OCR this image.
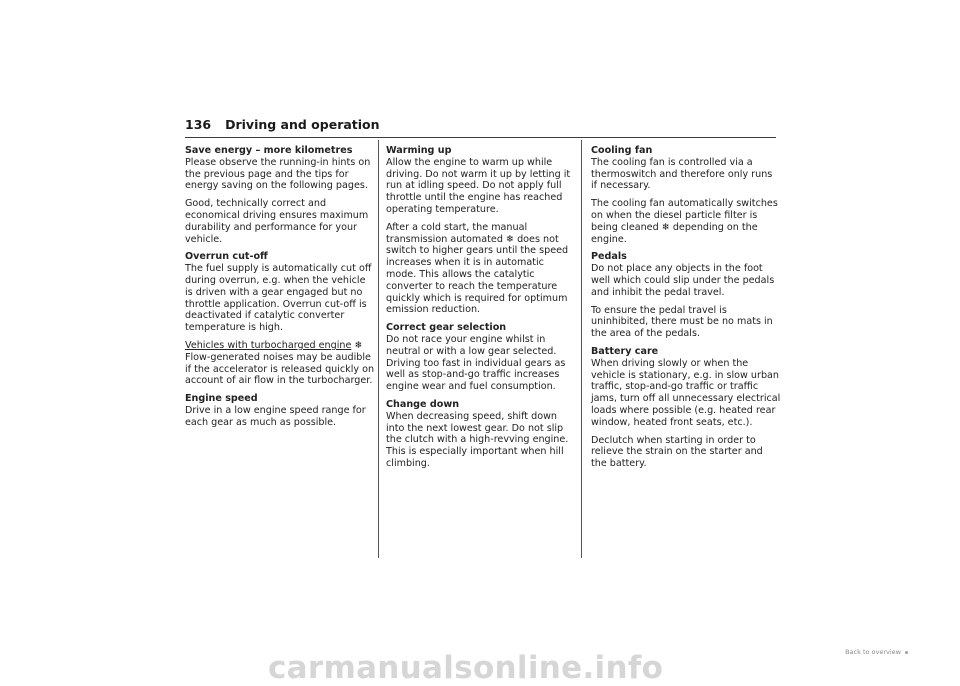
136 Driving and operation
Save energy – more kilometres
Please observe the running-in hints on the previous page and the tips for energy saving on the following pages.
Good, technically correct and economical driving ensures maximum durability and performance for your vehicle.
Overrun cut-off
The fuel supply is automatically cut off during overrun, e.g. when the vehicle is driven with a gear engaged but no throttle application. Overrun cut-off is deactivated if catalytic converter temperature is high.
Vehicles with turbocharged engine ❄
Flow-generated noises may be audible if the accelerator is released quickly on account of air flow in the turbocharger.
Engine speed
Drive in a low engine speed range for each gear as much as possible.
Warming up
Allow the engine to warm up while driving. Do not warm it up by letting it run at idling speed. Do not apply full throttle until the engine has reached operating temperature.
After a cold start, the manual transmission automated ❄ does not switch to higher gears until the speed increases when it is in automatic mode. This allows the catalytic converter to reach the temperature quickly which is required for optimum emission reduction.
Correct gear selection
Do not race your engine whilst in neutral or with a low gear selected. Driving too fast in individual gears as well as stop-and-go traffic increases engine wear and fuel consumption.
Change down
When decreasing speed, shift down into the next lowest gear. Do not slip the clutch with a high-revving engine. This is especially important when hill climbing.
Cooling fan
The cooling fan is controlled via a thermoswitch and therefore only runs if necessary.
The cooling fan automatically switches on when the diesel particle filter is being cleaned ❄ depending on the engine.
Pedals
Do not place any objects in the foot well which could slip under the pedals and inhibit the pedal travel.
To ensure the pedal travel is uninhibited, there must be no mats in the area of the pedals.
Battery care
When driving slowly or when the vehicle is stationary, e.g. in slow urban traffic, stop-and-go traffic or traffic jams, turn off all unnecessary electrical loads where possible (e.g. heated rear window, heated front seats, etc.).
Declutch when starting in order to relieve the strain on the starter and the battery.
Back to overview
carmanualsonline.info
